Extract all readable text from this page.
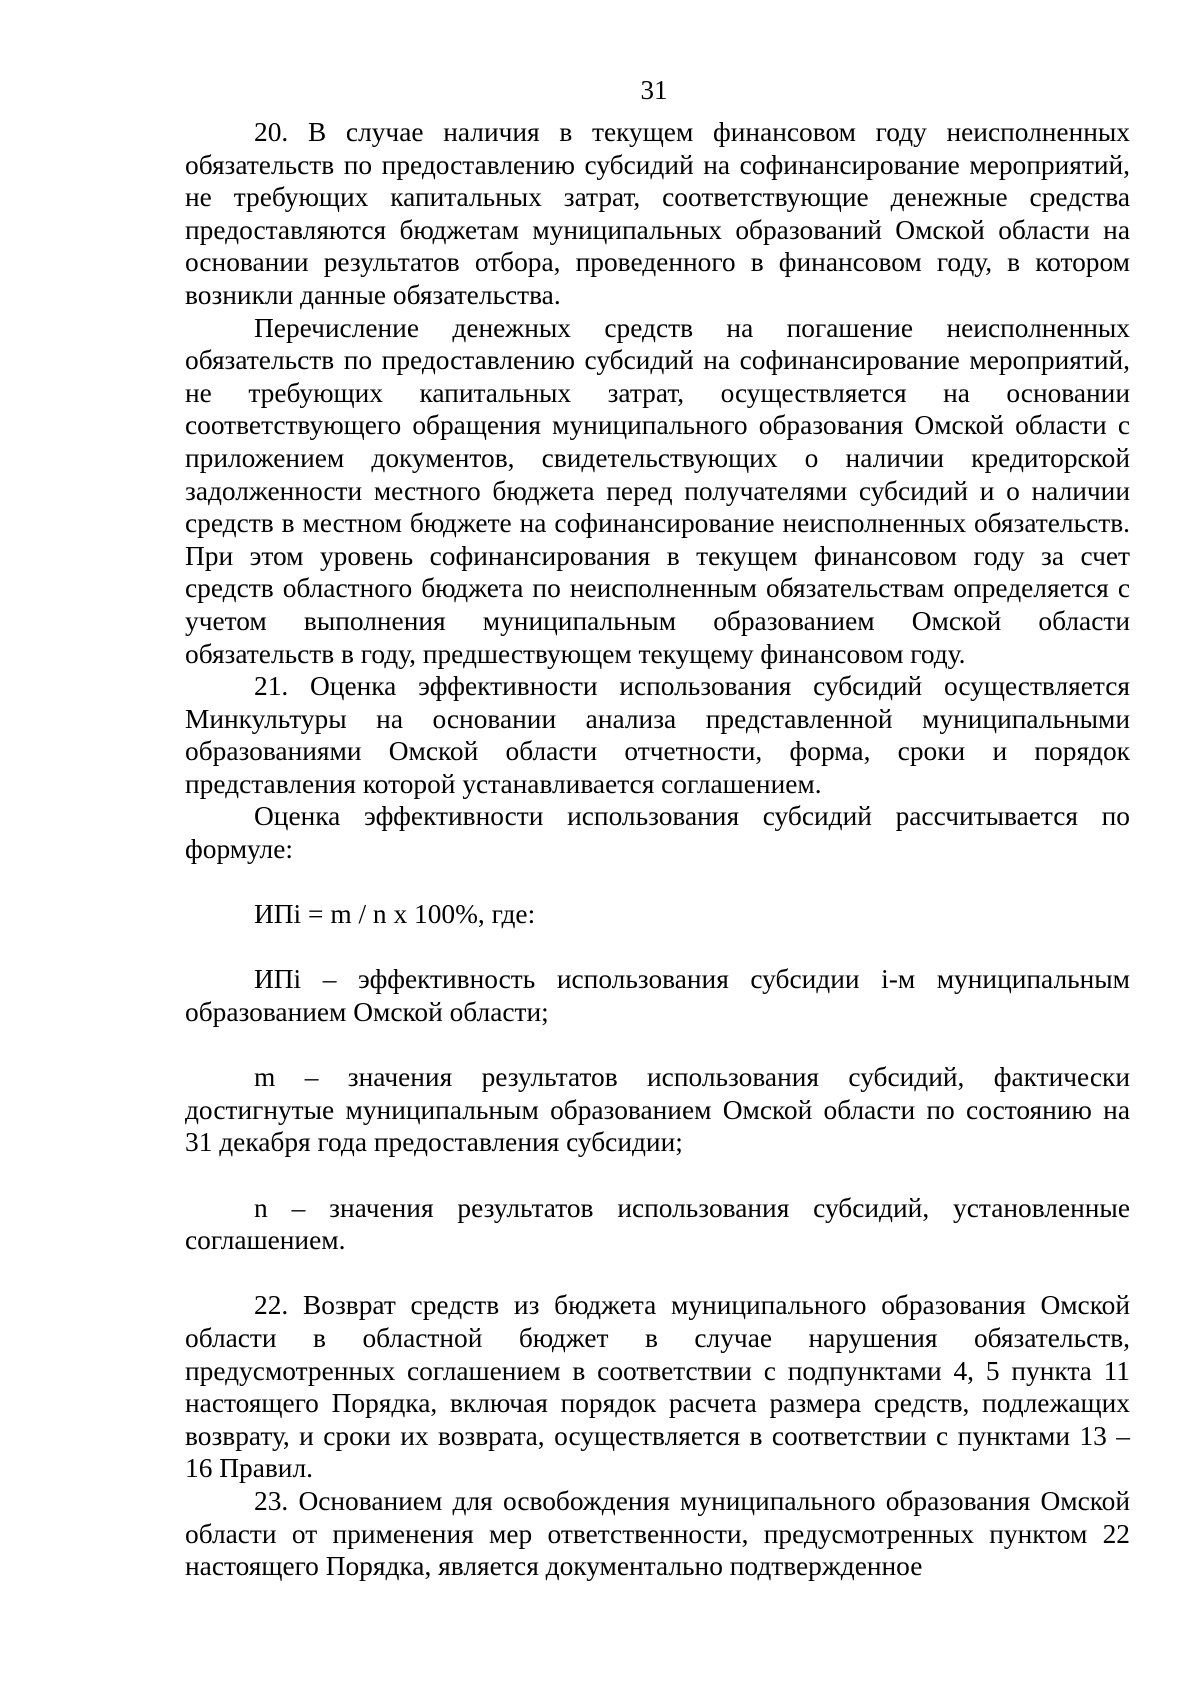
31

20. В случае наличия в текущем финансовом году неисполненных обязательств по предоставлению субсидий на софинансирование мероприятий, не требующих капитальных затрат, соответствующие денежные средства предоставляются бюджетам муниципальных образований Омской области на основании результатов отбора, проведенного в финансовом году, в котором возникли данные обязательства.

Перечисление денежных средств на погашение неисполненных обязательств по предоставлению субсидий на софинансирование мероприятий, не требующих капитальных затрат, осуществляется на основании соответствующего обращения муниципального образования Омской области с приложением документов, свидетельствующих о наличии кредиторской задолженности местного бюджета перед получателями субсидий и о наличии средств в местном бюджете на софинансирование неисполненных обязательств. При этом уровень софинансирования в текущем финансовом году за счет средств областного бюджета по неисполненным обязательствам определяется с учетом выполнения муниципальным образованием Омской области обязательств в году, предшествующем текущему финансовом году.

21. Оценка эффективности использования субсидий осуществляется Минкультуры на основании анализа представленной муниципальными образованиями Омской области отчетности, форма, сроки и порядок представления которой устанавливается соглашением.

Оценка эффективности использования субсидий рассчитывается по формуле:

ИПi = m / n x 100%, где:

ИПi – эффективность использования субсидии i-м муниципальным образованием Омской области;

m – значения результатов использования субсидий, фактически достигнутые муниципальным образованием Омской области по состоянию на 31 декабря года предоставления субсидии;

n – значения результатов использования субсидий, установленные соглашением.

22. Возврат средств из бюджета муниципального образования Омской области в областной бюджет в случае нарушения обязательств, предусмотренных соглашением в соответствии с подпунктами 4, 5 пункта 11 настоящего Порядка, включая порядок расчета размера средств, подлежащих возврату, и сроки их возврата, осуществляется в соответствии с пунктами 13 – 16 Правил.

23. Основанием для освобождения муниципального образования Омской области от применения мер ответственности, предусмотренных пунктом 22 настоящего Порядка, является документально подтвержденное
